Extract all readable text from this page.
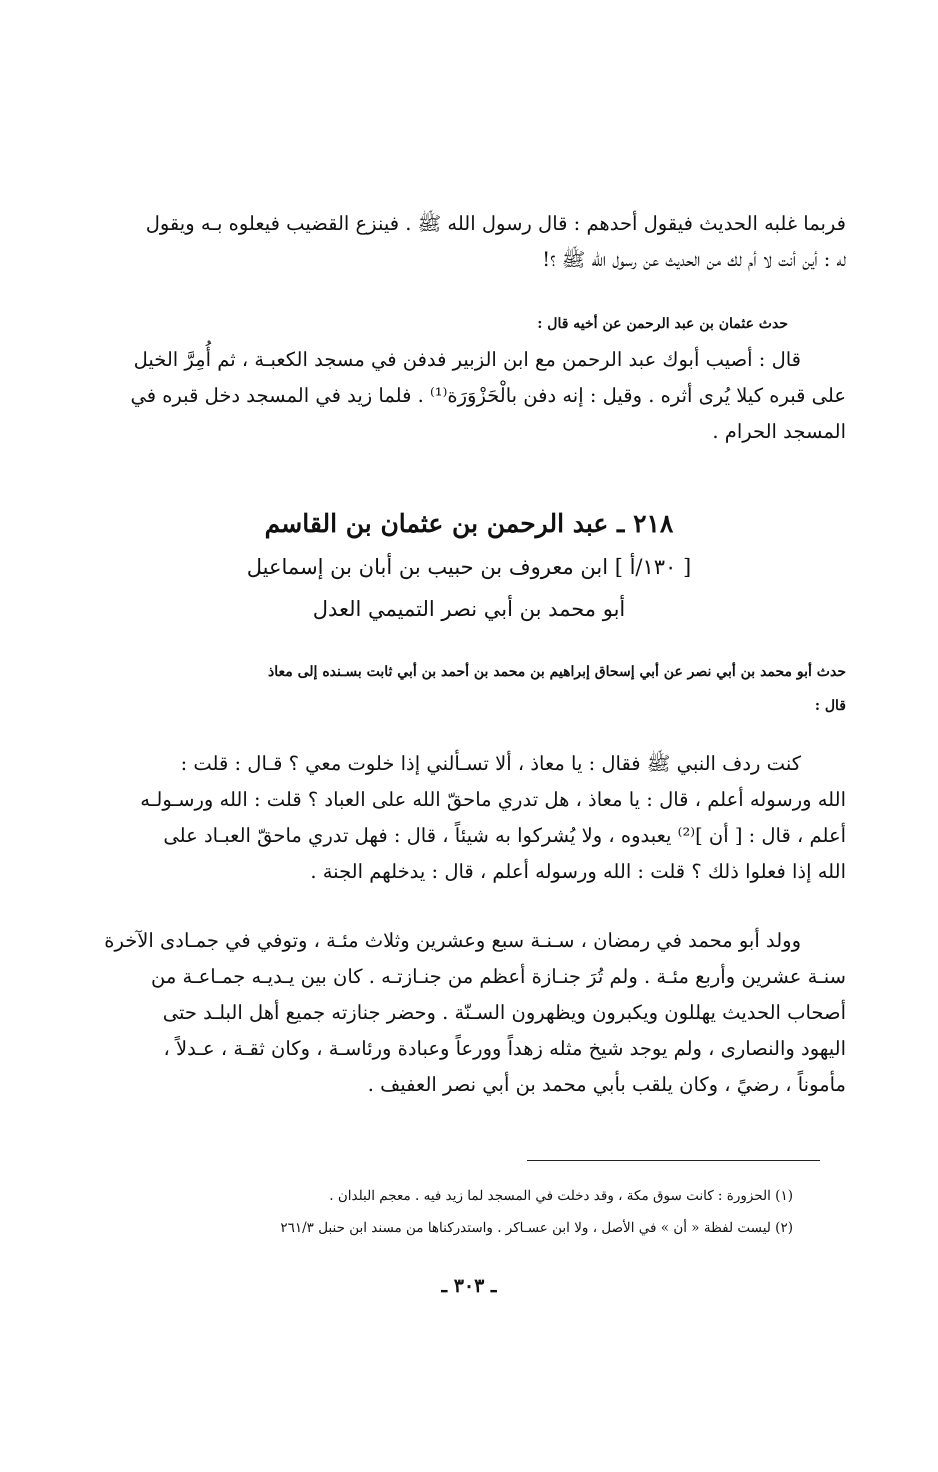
فربما غلبه الحديث فيقول أحدهم : قال رسول الله ﷺ . فينزع القضيب فيعلوه بـه ويقول
له : أين أنت لا أم لك من الحديث عن رسول الله ﷺ ؟!
حدث عثمان بن عبد الرحمن عن أخيه قال :
قال : أصيب أبوك عبد الرحمن مع ابن الزبير فدفن في مسجد الكعبـة ، ثم أُمِرَّ الخيل
على قبره كيلا يُرى أثره . وقيل : إنه دفن بالْحَزْوَرَة⁽¹⁾ . فلما زيد في المسجد دخل قبره في
المسجد الحرام .
٢١٨ ـ عبد الرحمن بن عثمان بن القاسم
[ ١٣٠/أ ] ابن معروف بن حبيب بن أبان بن إسماعيل
أبو محمد بن أبي نصر التميمي العدل
حدث أبو محمد بن أبي نصر عن أبي إسحاق إبراهيم بن محمد بن أحمد بن أبي ثابت بسـنده إلى معاذ
قال :
كنت ردف النبي ﷺ فقال : يا معاذ ، ألا تسـألني إذا خلوت معي ؟ قـال : قلت :
الله ورسوله أعلم ، قال : يا معاذ ، هل تدري ماحقّ الله على العباد ؟ قلت : الله ورسـولـه
أعلم ، قال : [ أن ]⁽²⁾ يعبدوه ، ولا يُشركوا به شيئاً ، قال : فهل تدري ماحقّ العبـاد على
الله إذا فعلوا ذلك ؟ قلت : الله ورسوله أعلم ، قال : يدخلهم الجنة .
وولد أبو محمد في رمضان ، سـنـة سبع وعشرين وثلاث مئـة ، وتوفي في جمـادى الآخرة
سنـة عشرين وأربع مئـة . ولم تُرَ جنـازة أعظم من جنـازتـه . كان بين يـديـه جمـاعـة من
أصحاب الحديث يهللون ويكبرون ويظهرون السـنّة . وحضر جنازته جميع أهل البلـد حتى
اليهود والنصارى ، ولم يوجد شيخ مثله زهداً وورعاً وعبادة ورئاسـة ، وكان ثقـة ، عـدلاً ،
مأموناً ، رضيً ، وكان يلقب بأبي محمد بن أبي نصر العفيف .
(١) الحزورة : كانت سوق مكة ، وقد دخلت في المسجد لما زيد فيه . معجم البلدان .
(٢) ليست لفظة « أن » في الأصل ، ولا ابن عسـاكر . واستدركناها من مسند ابن حنبل ٢٦١/٣
ـ ٣٠٣ ـ
